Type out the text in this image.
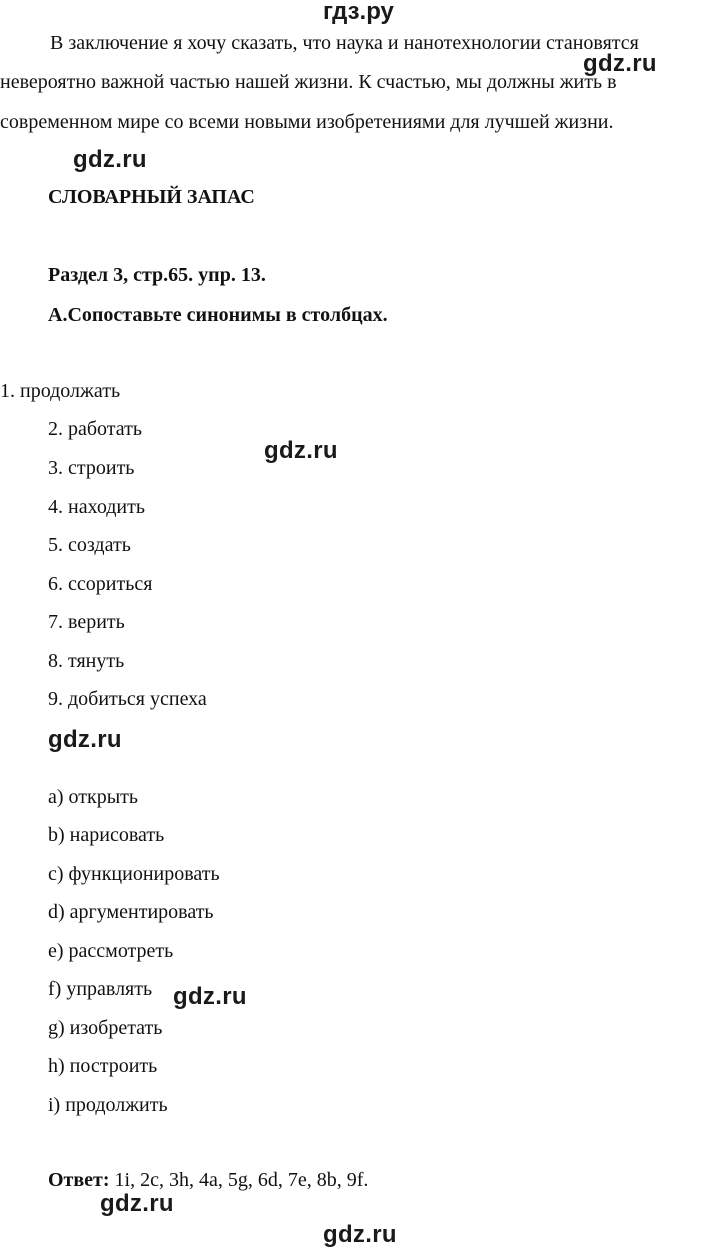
гдз.ру
В заключение я хочу сказать, что наука и нанотехнологии становятся
невероятно важной частью нашей жизни. К счастью, мы должны жить в
современном мире со всеми новыми изобретениями для лучшей жизни.
gdz.ru
gdz.ru
СЛОВАРНЫЙ ЗАПАС
Раздел 3, стр.65. упр. 13.
А.Сопоставьте синонимы в столбцах.
1. продолжать
2. работать
3. строить
4. находить
5. создать
6. ссориться
7. верить
8. тянуть
9. добиться успеха
gdz.ru
gdz.ru
a) открыть
b) нарисовать
c) функционировать
d) аргументировать
e) рассмотреть
f) управлять
g) изобретать
h) построить
i) продолжить
gdz.ru
Ответ: 1i, 2c, 3h, 4a, 5g, 6d, 7e, 8b, 9f.
gdz.ru
gdz.ru
